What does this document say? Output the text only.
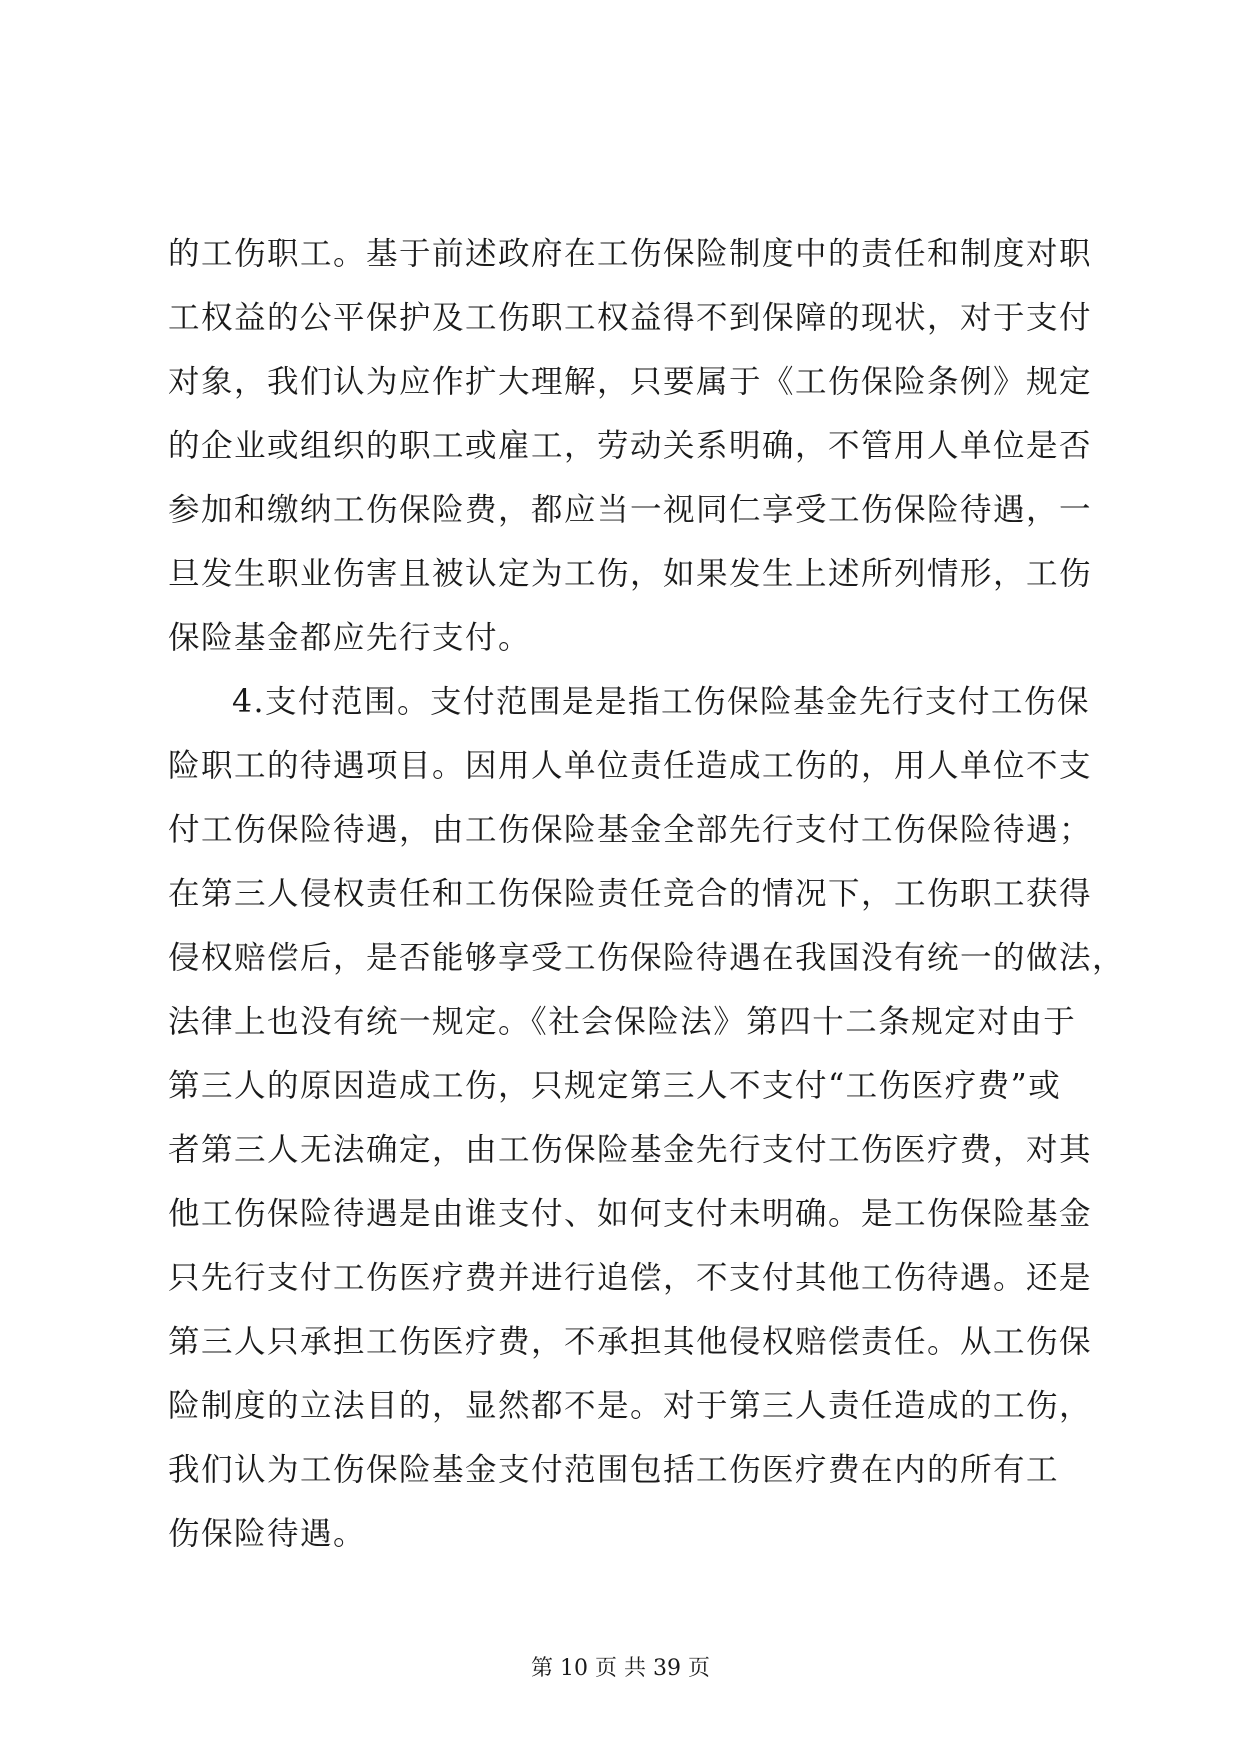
的工伤职工。基于前述政府在工伤保险制度中的责任和制度对职
工权益的公平保护及工伤职工权益得不到保障的现状，对于支付
对象，我们认为应作扩大理解，只要属于《工伤保险条例》规定
的企业或组织的职工或雇工，劳动关系明确，不管用人单位是否
参加和缴纳工伤保险费，都应当一视同仁享受工伤保险待遇，一
旦发生职业伤害且被认定为工伤，如果发生上述所列情形，工伤
保险基金都应先行支付。
4.支付范围。支付范围是是指工伤保险基金先行支付工伤保
险职工的待遇项目。因用人单位责任造成工伤的，用人单位不支
付工伤保险待遇，由工伤保险基金全部先行支付工伤保险待遇；
在第三人侵权责任和工伤保险责任竞合的情况下，工伤职工获得
侵权赔偿后，是否能够享受工伤保险待遇在我国没有统一的做法，
法律上也没有统一规定。《社会保险法》第四十二条规定对由于
第三人的原因造成工伤，只规定第三人不支付“工伤医疗费”或
者第三人无法确定，由工伤保险基金先行支付工伤医疗费，对其
他工伤保险待遇是由谁支付、如何支付未明确。是工伤保险基金
只先行支付工伤医疗费并进行追偿，不支付其他工伤待遇。还是
第三人只承担工伤医疗费，不承担其他侵权赔偿责任。从工伤保
险制度的立法目的，显然都不是。对于第三人责任造成的工伤，
我们认为工伤保险基金支付范围包括工伤医疗费在内的所有工
伤保险待遇。
第 10 页 共 39 页
